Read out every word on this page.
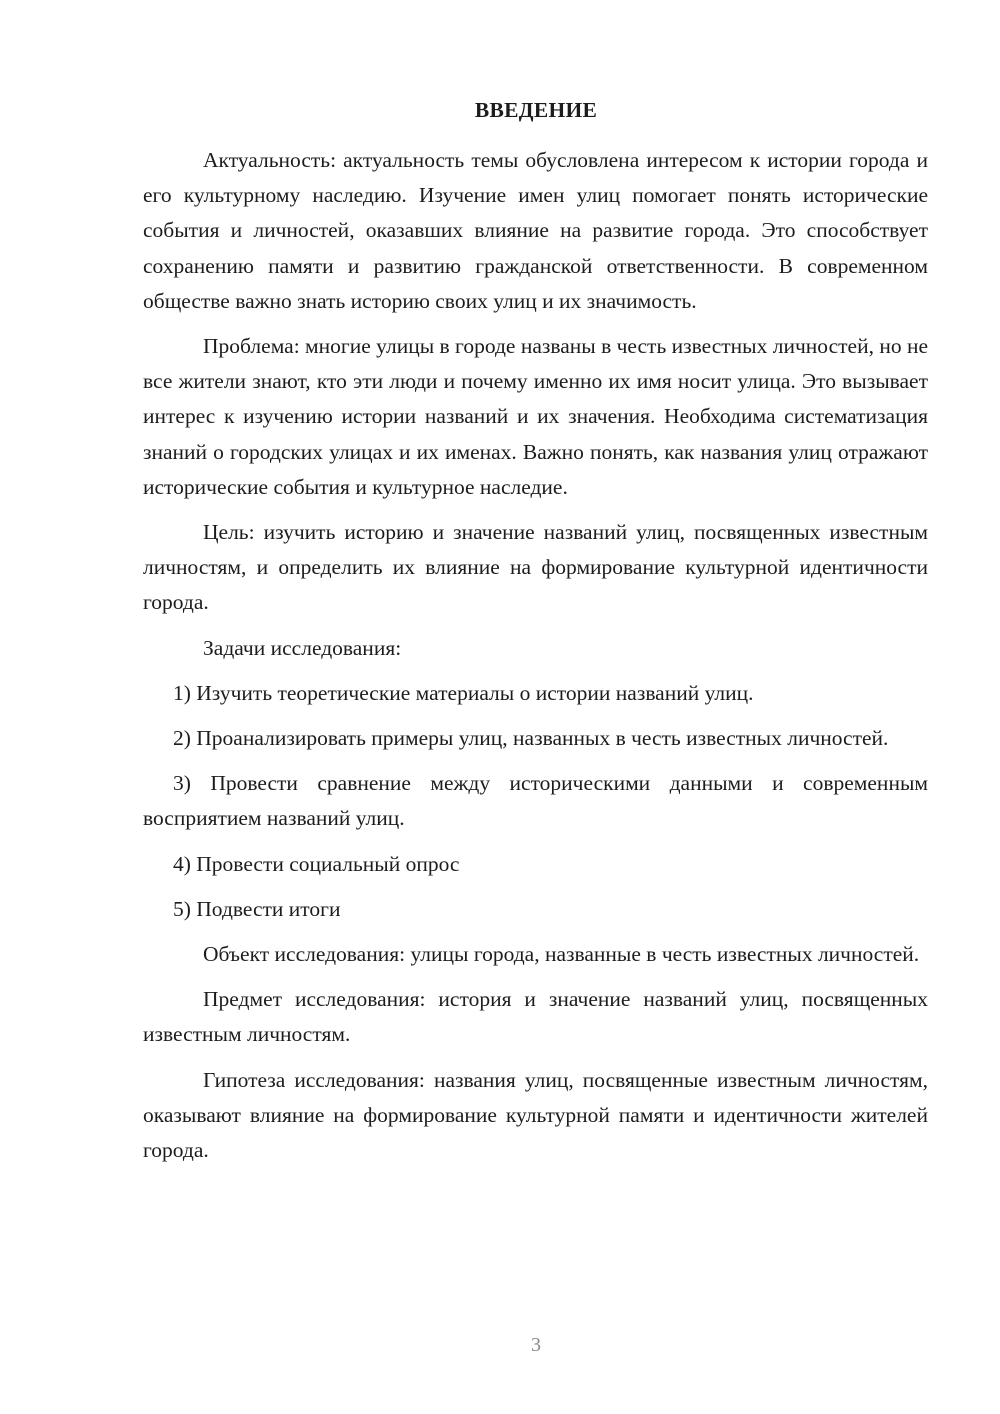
ВВЕДЕНИЕ

Актуальность: актуальность темы обусловлена интересом к истории города и его культурному наследию. Изучение имен улиц помогает понять исторические события и личностей, оказавших влияние на развитие города. Это способствует сохранению памяти и развитию гражданской ответственности. В современном обществе важно знать историю своих улиц и их значимость.

Проблема: многие улицы в городе названы в честь известных личностей, но не все жители знают, кто эти люди и почему именно их имя носит улица. Это вызывает интерес к изучению истории названий и их значения. Необходима систематизация знаний о городских улицах и их именах. Важно понять, как названия улиц отражают исторические события и культурное наследие.

Цель: изучить историю и значение названий улиц, посвященных известным личностям, и определить их влияние на формирование культурной идентичности города.

Задачи исследования:

1) Изучить теоретические материалы о истории названий улиц.

2) Проанализировать примеры улиц, названных в честь известных личностей.

3) Провести сравнение между историческими данными и современным восприятием названий улиц.

4) Провести социальный опрос

5) Подвести итоги

Объект исследования: улицы города, названные в честь известных личностей.

Предмет исследования: история и значение названий улиц, посвященных известным личностям.

Гипотеза исследования: названия улиц, посвященные известным личностям, оказывают влияние на формирование культурной памяти и идентичности жителей города.

3
